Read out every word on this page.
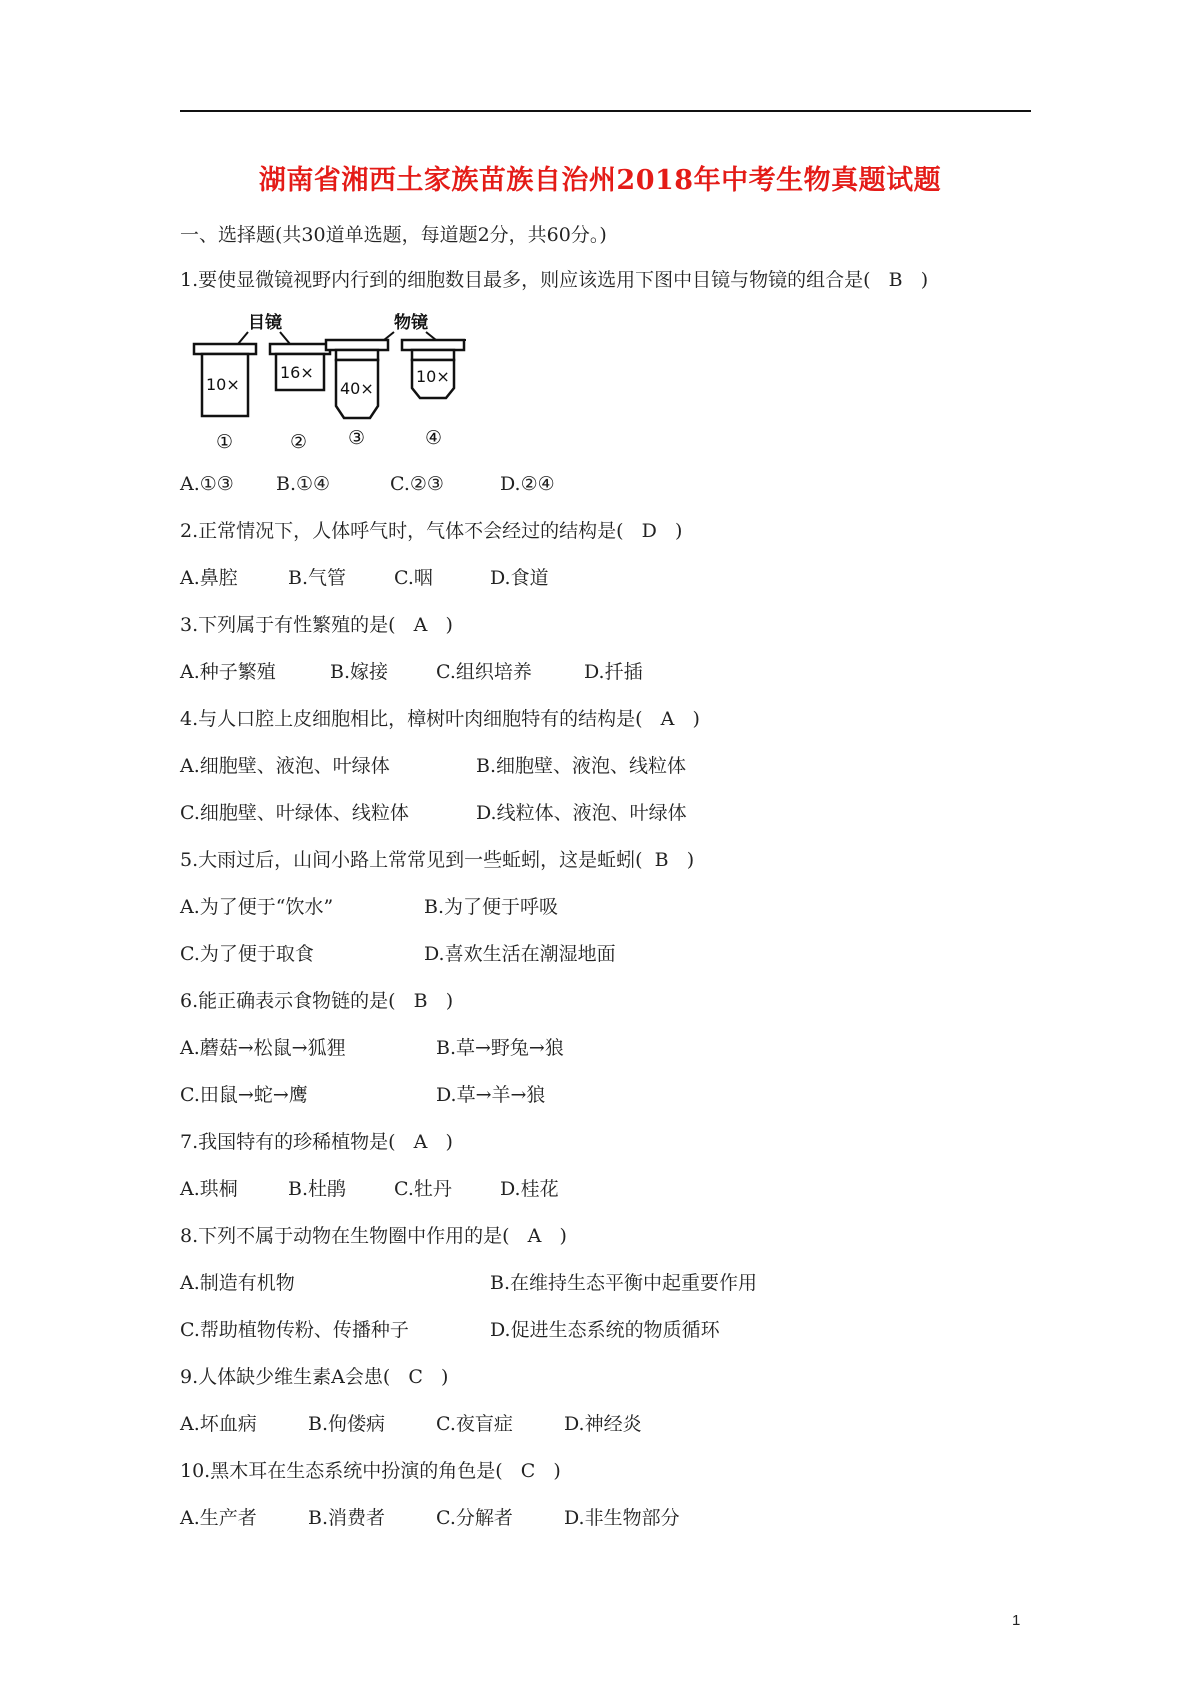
湖南省湘西土家族苗族自治州2018年中考生物真题试题
一、选择题(共30道单选题，每道题2分，共60分。)
1.要使显微镜视野内行到的细胞数目最多，则应该选用下图中目镜与物镜的组合是(   B   )
目镜
10×
16×
物镜
40×
10×
①	② ③	④
A.①③ B.①④	C.②③	D.②④
2.正常情况下，人体呼气时，气体不会经过的结构是(   D   )
A.鼻腔	B.气管	C.咽	D.食道
3.下列属于有性繁殖的是(   A   )
A.种子繁殖	B.嫁接	C.组织培养	D.扦插
4.与人口腔上皮细胞相比，樟树叶肉细胞特有的结构是(   A   )
A.细胞壁、液泡、叶绿体	B.细胞壁、液泡、线粒体
C.细胞壁、叶绿体、线粒体	D.线粒体、液泡、叶绿体
5.大雨过后，山间小路上常常见到一些蚯蚓，这是蚯蚓(  B   )
A.为了便于“饮水”	B.为了便于呼吸
C.为了便于取食	D.喜欢生活在潮湿地面
6.能正确表示食物链的是(   B   )
A.蘑菇→松鼠→狐狸	B.草→野兔→狼
C.田鼠→蛇→鹰	D.草→羊→狼
7.我国特有的珍稀植物是(   A   )
A.珙桐	B.杜鹃	C.牡丹	D.桂花
8.下列不属于动物在生物圈中作用的是(   A   )
A.制造有机物	B.在维持生态平衡中起重要作用
C.帮助植物传粉、传播种子	D.促进生态系统的物质循环
9.人体缺少维生素A会患(   C   )
A.坏血病	B.佝偻病	C.夜盲症	D.神经炎
10.黑木耳在生态系统中扮演的角色是(   C   )
A.生产者	B.消费者	C.分解者	D.非生物部分
1
